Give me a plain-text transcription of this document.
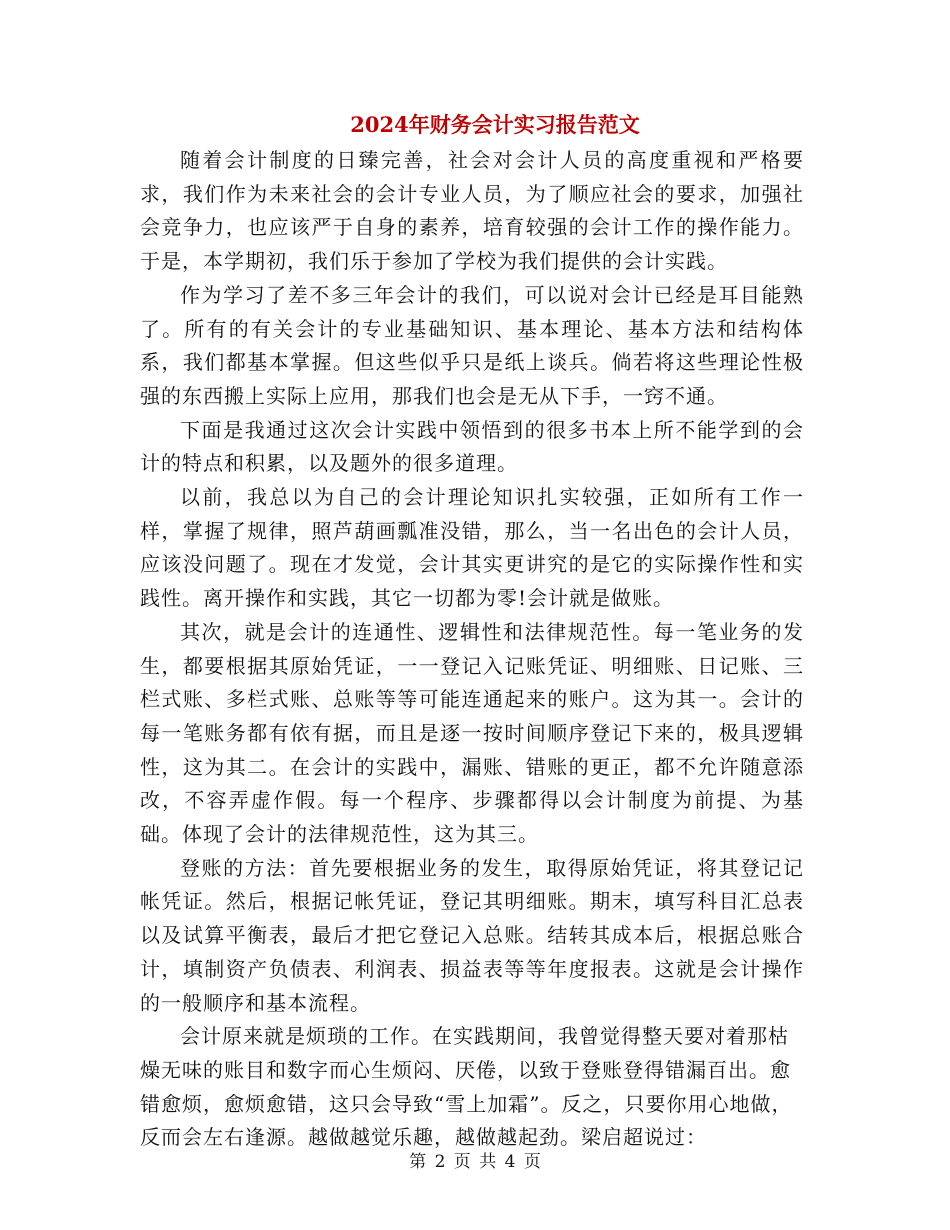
2024年财务会计实习报告范文

随着会计制度的日臻完善，社会对会计人员的高度重视和严格要求，我们作为未来社会的会计专业人员，为了顺应社会的要求，加强社会竞争力，也应该严于自身的素养，培育较强的会计工作的操作能力。于是，本学期初，我们乐于参加了学校为我们提供的会计实践。

作为学习了差不多三年会计的我们，可以说对会计已经是耳目能熟了。所有的有关会计的专业基础知识、基本理论、基本方法和结构体系，我们都基本掌握。但这些似乎只是纸上谈兵。倘若将这些理论性极强的东西搬上实际上应用，那我们也会是无从下手，一窍不通。

下面是我通过这次会计实践中领悟到的很多书本上所不能学到的会计的特点和积累，以及题外的很多道理。

以前，我总以为自己的会计理论知识扎实较强，正如所有工作一样，掌握了规律，照芦葫画瓢准没错，那么，当一名出色的会计人员，应该没问题了。现在才发觉，会计其实更讲究的是它的实际操作性和实践性。离开操作和实践，其它一切都为零!会计就是做账。

其次，就是会计的连通性、逻辑性和法律规范性。每一笔业务的发生，都要根据其原始凭证，一一登记入记账凭证、明细账、日记账、三栏式账、多栏式账、总账等等可能连通起来的账户。这为其一。会计的每一笔账务都有依有据，而且是逐一按时间顺序登记下来的，极具逻辑性，这为其二。在会计的实践中，漏账、错账的更正，都不允许随意添改，不容弄虚作假。每一个程序、步骤都得以会计制度为前提、为基础。体现了会计的法律规范性，这为其三。

登账的方法：首先要根据业务的发生，取得原始凭证，将其登记记帐凭证。然后，根据记帐凭证，登记其明细账。期末，填写科目汇总表以及试算平衡表，最后才把它登记入总账。结转其成本后，根据总账合计，填制资产负债表、利润表、损益表等等年度报表。这就是会计操作的一般顺序和基本流程。

会计原来就是烦琐的工作。在实践期间，我曾觉得整天要对着那枯燥无味的账目和数字而心生烦闷、厌倦，以致于登账登得错漏百出。愈错愈烦，愈烦愈错，这只会导致“雪上加霜”。反之，只要你用心地做，反而会左右逢源。越做越觉乐趣，越做越起劲。梁启超说过：

第 2 页 共 4 页
